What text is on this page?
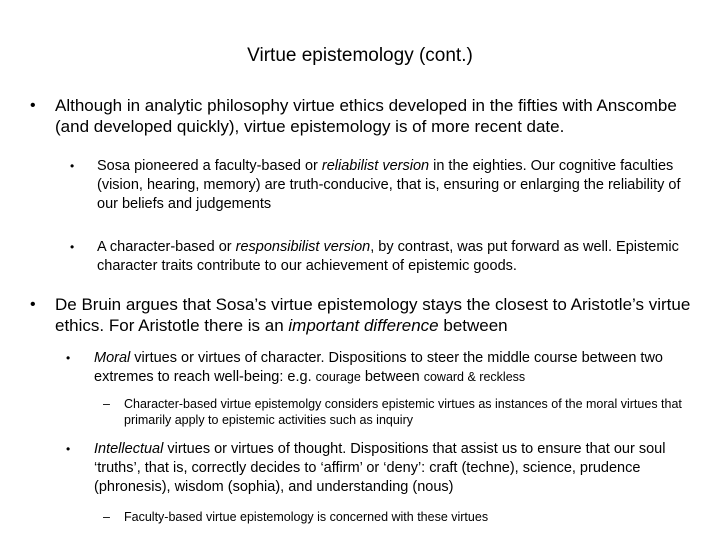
Virtue epistemology (cont.)
• Although in analytic philosophy virtue ethics developed in the fifties with Anscombe (and developed quickly), virtue epistemology is of more recent date.
• Sosa pioneered a faculty-based or reliabilist version in the eighties. Our cognitive faculties (vision, hearing, memory) are truth-conducive, that is, ensuring or enlarging the reliability of our beliefs and judgements
• A character-based or responsibilist version, by contrast, was put forward as well. Epistemic character traits contribute to our achievement of epistemic goods.
• De Bruin argues that Sosa’s virtue epistemology stays the closest to Aristotle’s virtue ethics. For Aristotle there is an important difference between
• Moral virtues or virtues of character. Dispositions to steer the middle course between two extremes to reach well-being: e.g. courage between coward & reckless
– Character-based virtue epistemolgy considers epistemic virtues as instances of the moral virtues that primarily apply to epistemic activities such as inquiry
• Intellectual virtues or virtues of thought. Dispositions that assist us to ensure that our soul ‘truths’, that is, correctly decides to ‘affirm’ or ‘deny’: craft (techne), science, prudence (phronesis), wisdom (sophia), and understanding (nous)
– Faculty-based virtue epistemology is concerned with these virtues
